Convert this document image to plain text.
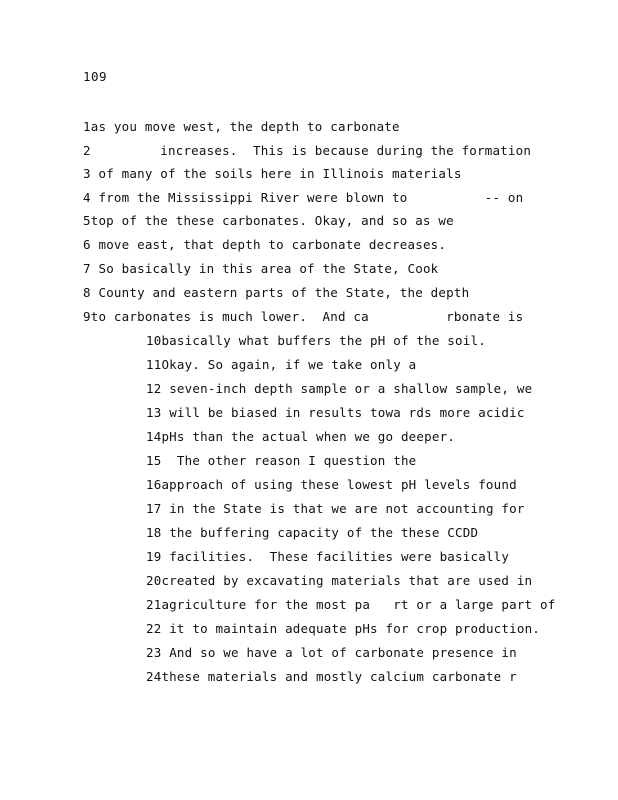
109
1as you move west, the depth to carbonate
2         increases.  This is because during the formation
3 of many of the soils here in Illinois materials
4 from the Mississippi River were blown to          -- on
5top of the these carbonates. Okay, and so as we
6 move east, that depth to carbonate decreases.
7 So basically in this area of the State, Cook
8 County and eastern parts of the State, the depth
9to carbonates is much lower.  And ca          rbonate is
10basically what buffers the pH of the soil.
11Okay. So again, if we take only a
12 seven-inch depth sample or a shallow sample, we
13 will be biased in results towa rds more acidic
14pHs than the actual when we go deeper.
15 The other reason I question the
16approach of using these lowest pH levels found
17 in the State is that we are not accounting for
18 the buffering capacity of the these CCDD
19 facilities.  These facilities were basically
20created by excavating materials that are used in
21agriculture for the most pa   rt or a large part of
22 it to maintain adequate pHs for crop production.
23 And so we have a lot of carbonate presence in
24these materials and mostly calcium carbonate r
